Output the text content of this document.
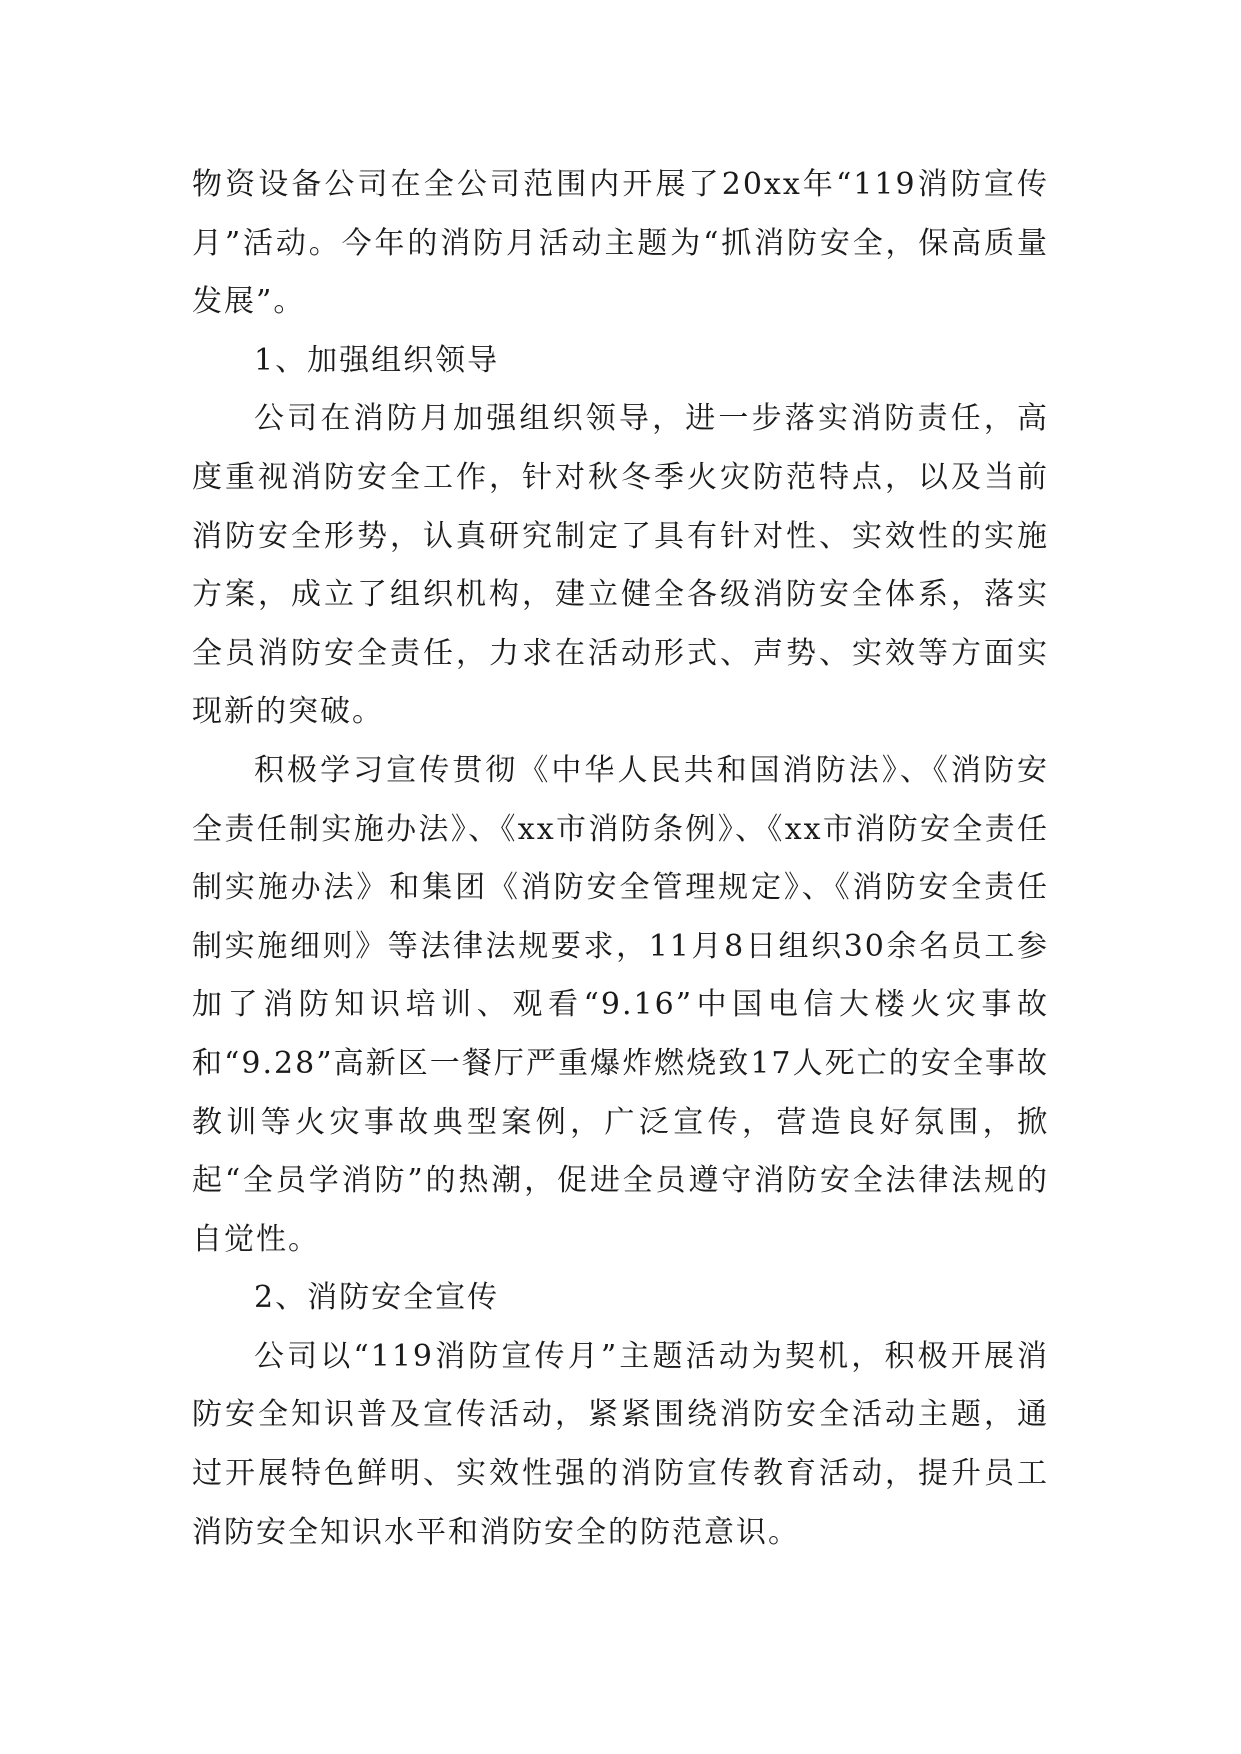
物资设备公司在全公司范围内开展了20xx年“119消防宣传月”活动。今年的消防月活动主题为“抓消防安全，保高质量发展”。

1、加强组织领导

公司在消防月加强组织领导，进一步落实消防责任，高度重视消防安全工作，针对秋冬季火灾防范特点，以及当前消防安全形势，认真研究制定了具有针对性、实效性的实施方案，成立了组织机构，建立健全各级消防安全体系，落实全员消防安全责任，力求在活动形式、声势、实效等方面实现新的突破。

积极学习宣传贯彻《中华人民共和国消防法》、《消防安全责任制实施办法》、《xx市消防条例》、《xx市消防安全责任制实施办法》和集团《消防安全管理规定》、《消防安全责任制实施细则》等法律法规要求，11月8日组织30余名员工参加了消防知识培训、观看“9.16”中国电信大楼火灾事故和“9.28”高新区一餐厅严重爆炸燃烧致17人死亡的安全事故教训等火灾事故典型案例，广泛宣传，营造良好氛围，掀起“全员学消防”的热潮，促进全员遵守消防安全法律法规的自觉性。

2、消防安全宣传

公司以“119消防宣传月”主题活动为契机，积极开展消防安全知识普及宣传活动，紧紧围绕消防安全活动主题，通过开展特色鲜明、实效性强的消防宣传教育活动，提升员工消防安全知识水平和消防安全的防范意识。
